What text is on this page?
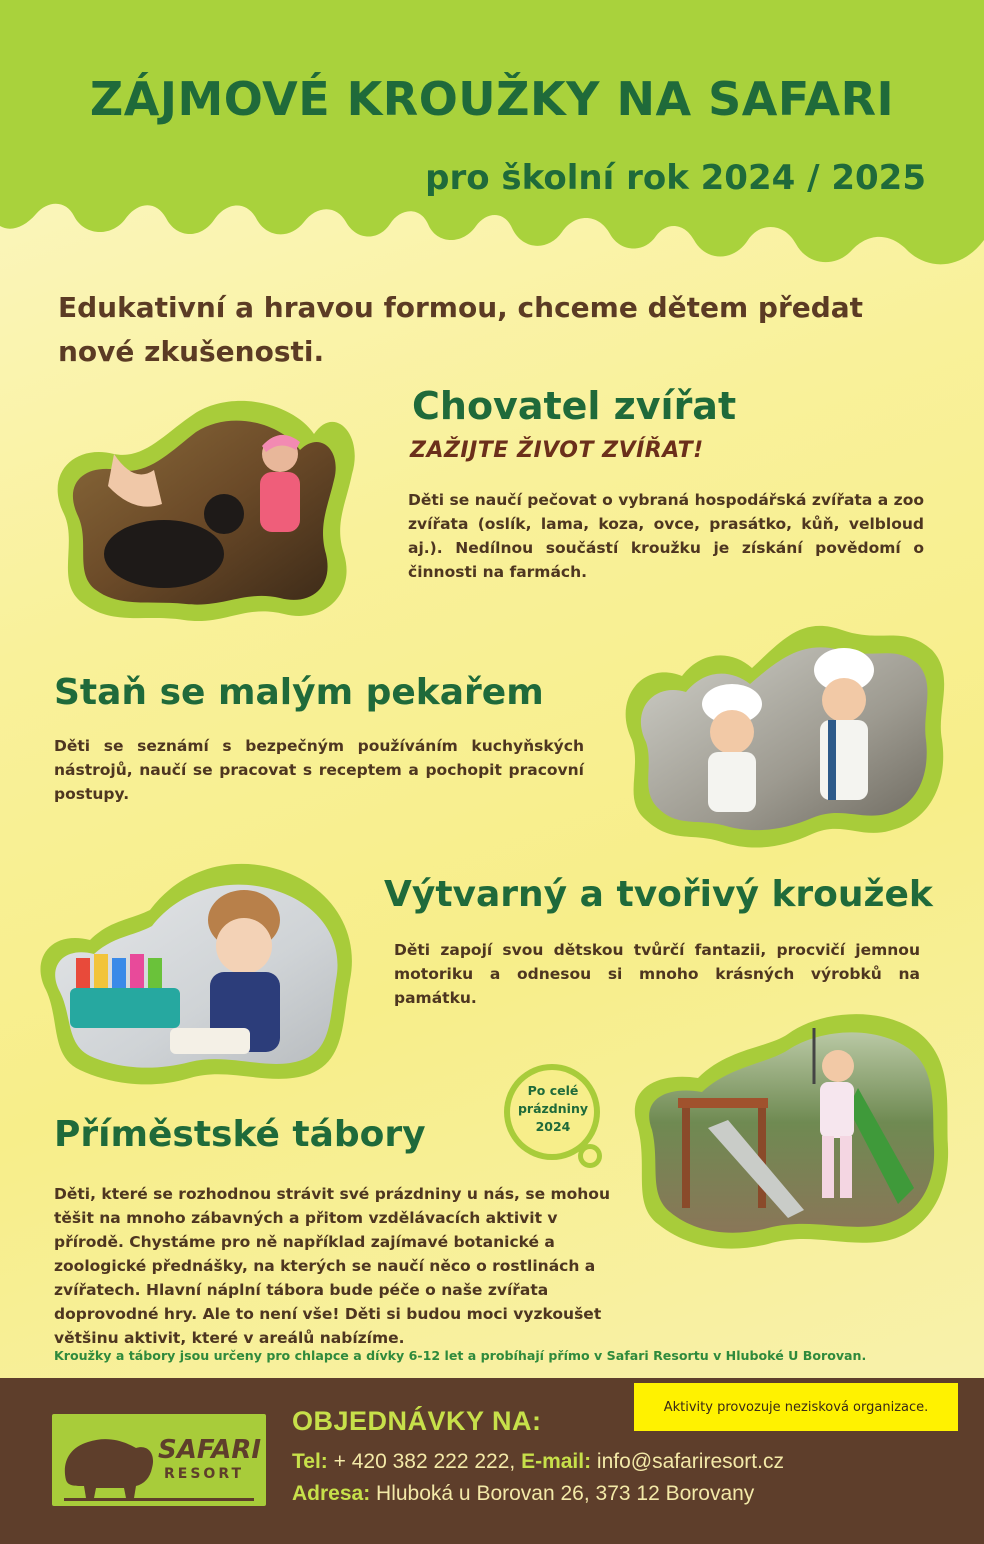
ZÁJMOVÉ KROUŽKY NA SAFARI
pro školní rok 2024 / 2025

Edukativní a hravou formou, chceme dětem předat nové zkušenosti.

Chovatel zvířat

ZAŽIJTE ŽIVOT ZVÍŘAT!

Děti se naučí pečovat o vybraná hospodářská zvířata a zoo zvířata (oslík, lama, koza, ovce, prasátko, kůň, velbloud aj.). Nedílnou součástí kroužku je získání povědomí o činnosti na farmách.

Staň se malým pekařem

Děti se seznámí s bezpečným používáním kuchyňských nástrojů, naučí se pracovat s receptem a pochopit pracovní postupy.

Výtvarný a tvořivý kroužek

Děti zapojí svou dětskou tvůrčí fantazii, procvičí jemnou motoriku a odnesou si mnoho krásných výrobků na památku.

Po celé
prázdniny
2024
Příměstské tábory

Děti, které se rozhodnou strávit své prázdniny u nás, se mohou těšit na mnoho zábavných a přitom vzdělávacích aktivit v přírodě. Chystáme pro ně například zajímavé botanické a zoologické přednášky, na kterých se naučí něco o rostlinách a zvířatech. Hlavní náplní tábora bude péče o naše zvířata doprovodné hry. Ale to není vše! Děti si budou moci vyzkoušet většinu aktivit, které v areálů nabízíme.

Kroužky a tábory jsou určeny pro chlapce a dívky 6-12 let a probíhají přímo v Safari Resortu v Hluboké U Borovan.

Aktivity provozuje nezisková organizace.
SAFARI
RESORT
OBJEDNÁVKY NA:

Tel: + 420 382 222 222, E-mail: info@safariresort.cz

Adresa: Hluboká u Borovan 26, 373 12 Borovany
